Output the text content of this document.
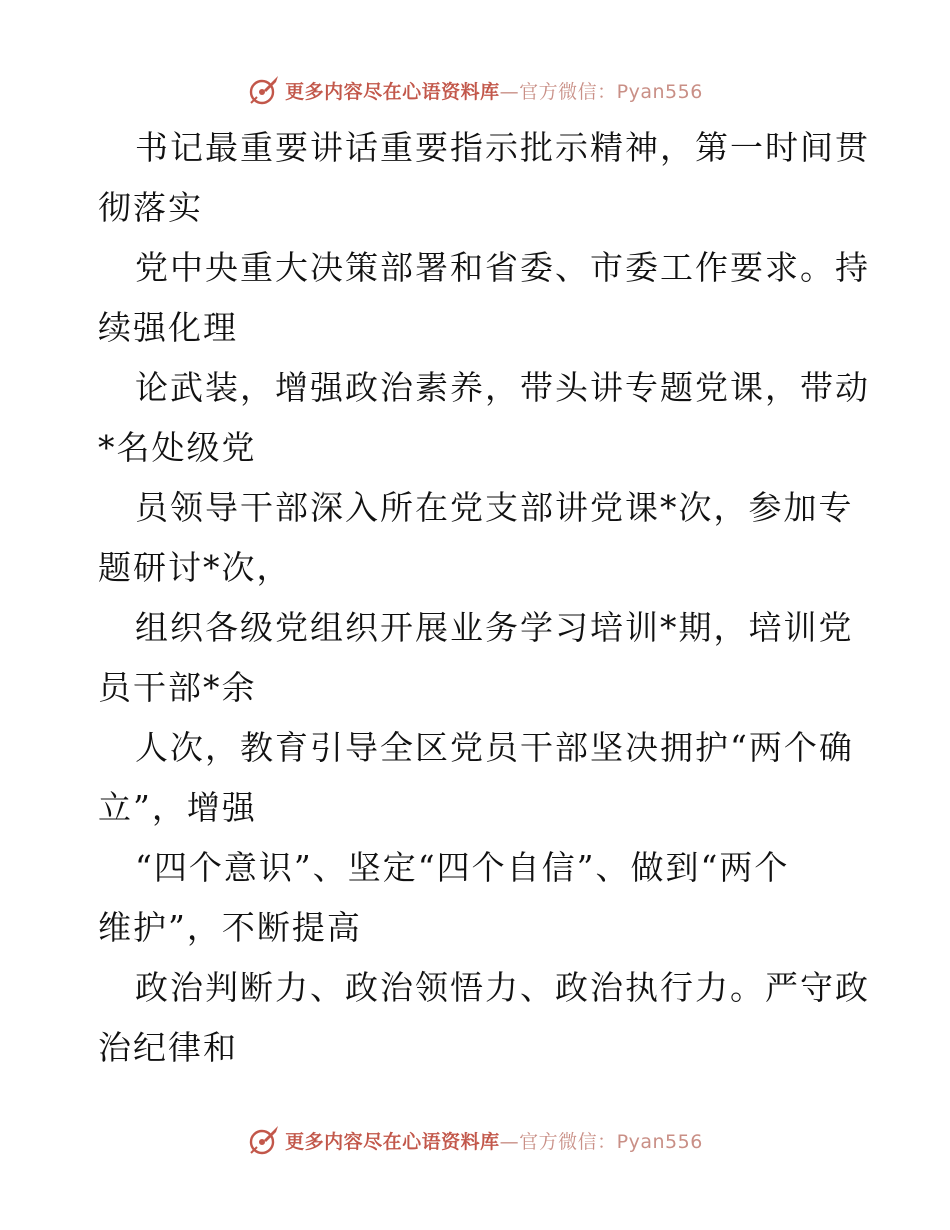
更多内容尽在心语资料库—官方微信：Pyan556

书记最重要讲话重要指示批示精神，第一时间贯
彻落实

党中央重大决策部署和省委、市委工作要求。持
续强化理

论武装，增强政治素养，带头讲专题党课，带动
*名处级党

员领导干部深入所在党支部讲党课*次，参加专
题研讨*次，

组织各级党组织开展业务学习培训*期，培训党
员干部*余

人次，教育引导全区党员干部坚决拥护“两个确
立”，增强

“四个意识”、坚定“四个自信”、做到“两个
维护”，不断提高

政治判断力、政治领悟力、政治执行力。严守政
治纪律和

更多内容尽在心语资料库—官方微信：Pyan556
